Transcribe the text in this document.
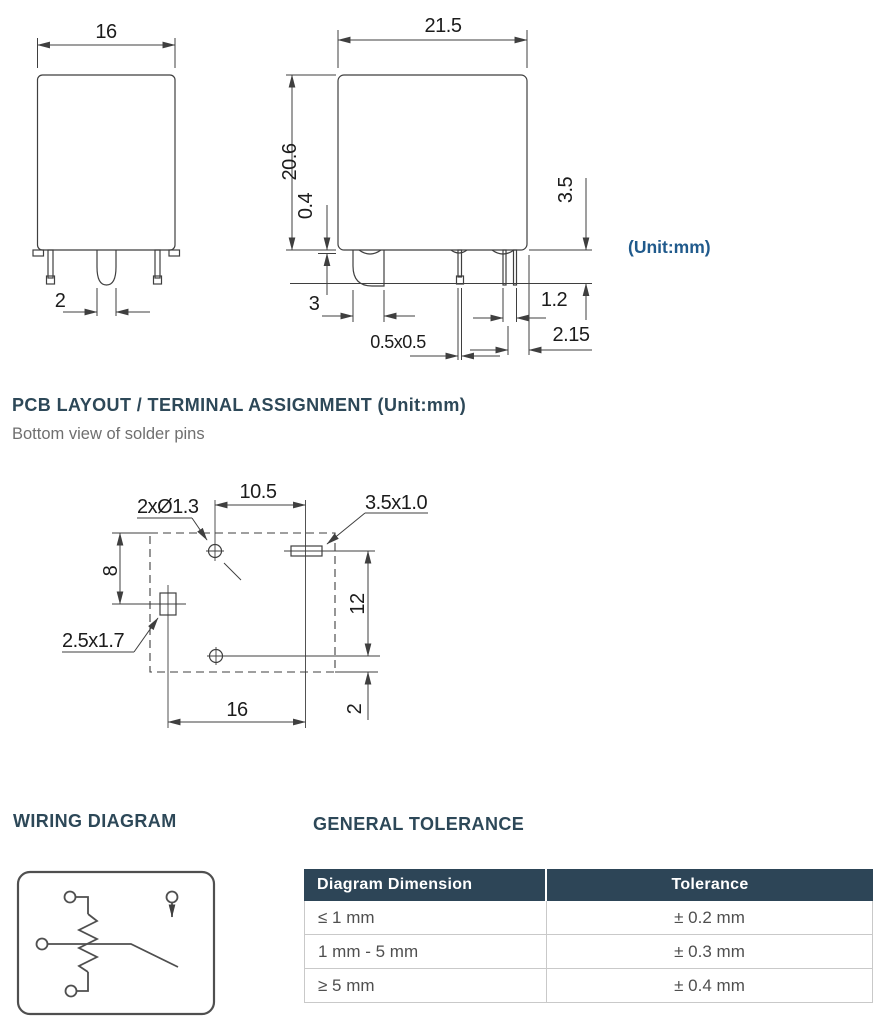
16
2
21.5
20.6
0.4
3.5
3
0.5x0.5
1.2
2.15
10.5
2xØ1.3	3.5x1.0
2.5x1.7
8
12
2
16
(Unit:mm)
PCB LAYOUT / TERMINAL ASSIGNMENT (Unit:mm)
Bottom view of solder pins
WIRING DIAGRAM	GENERAL TOLERANCE
Diagram Dimension	Tolerance
≤ 1 mm	± 0.2 mm
1 mm - 5 mm	± 0.3 mm
≥ 5 mm	± 0.4 mm
